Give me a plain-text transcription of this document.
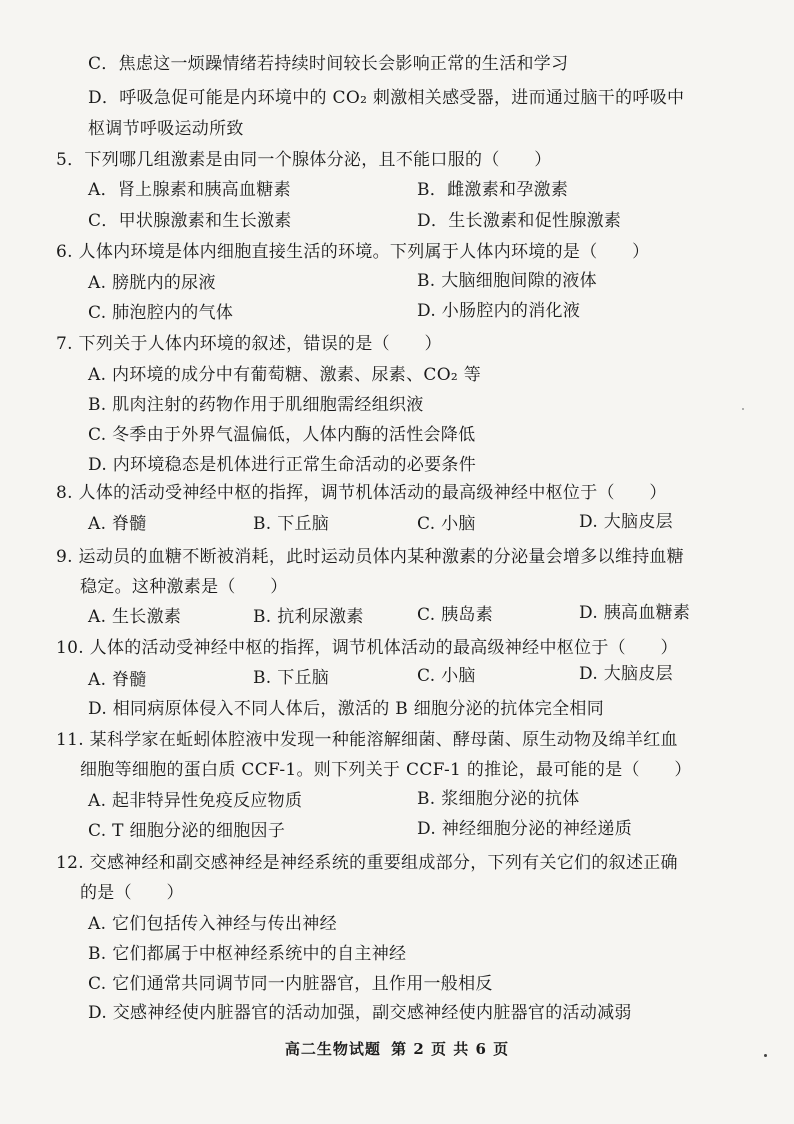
C．焦虑这一烦躁情绪若持续时间较长会影响正常的生活和学习
D．呼吸急促可能是内环境中的 CO₂ 刺激相关感受器，进而通过脑干的呼吸中
枢调节呼吸运动所致
5．下列哪几组激素是由同一个腺体分泌，且不能口服的（　　）
A．肾上腺素和胰高血糖素	B．雌激素和孕激素
C．甲状腺激素和生长激素	D．生长激素和促性腺激素
6. 人体内环境是体内细胞直接生活的环境。下列属于人体内环境的是（　　）
A. 膀胱内的尿液	B. 大脑细胞间隙的液体
C. 肺泡腔内的气体	D. 小肠腔内的消化液
7. 下列关于人体内环境的叙述，错误的是（　　）
A. 内环境的成分中有葡萄糖、激素、尿素、CO₂ 等
B. 肌肉注射的药物作用于肌细胞需经组织液
C. 冬季由于外界气温偏低，人体内酶的活性会降低
D. 内环境稳态是机体进行正常生命活动的必要条件
8. 人体的活动受神经中枢的指挥，调节机体活动的最高级神经中枢位于（　　）
A. 脊髓	B. 下丘脑	C. 小脑	D. 大脑皮层
9. 运动员的血糖不断被消耗，此时运动员体内某种激素的分泌量会增多以维持血糖
稳定。这种激素是（　　）
A. 生长激素	B. 抗利尿激素	C. 胰岛素	D. 胰高血糖素
10. 人体的活动受神经中枢的指挥，调节机体活动的最高级神经中枢位于（　　）
A. 脊髓	B. 下丘脑	C. 小脑	D. 大脑皮层
D. 相同病原体侵入不同人体后，激活的 B 细胞分泌的抗体完全相同
11. 某科学家在蚯蚓体腔液中发现一种能溶解细菌、酵母菌、原生动物及绵羊红血
细胞等细胞的蛋白质 CCF-1。则下列关于 CCF-1 的推论，最可能的是（　　）
A. 起非特异性免疫反应物质	B. 浆细胞分泌的抗体
C. T 细胞分泌的细胞因子	D. 神经细胞分泌的神经递质
12. 交感神经和副交感神经是神经系统的重要组成部分，下列有关它们的叙述正确
的是（　　）
A. 它们包括传入神经与传出神经
B. 它们都属于中枢神经系统中的自主神经
C. 它们通常共同调节同一内脏器官，且作用一般相反
D. 交感神经使内脏器官的活动加强，副交感神经使内脏器官的活动减弱
高二生物试题 第 2 页 共 6 页
